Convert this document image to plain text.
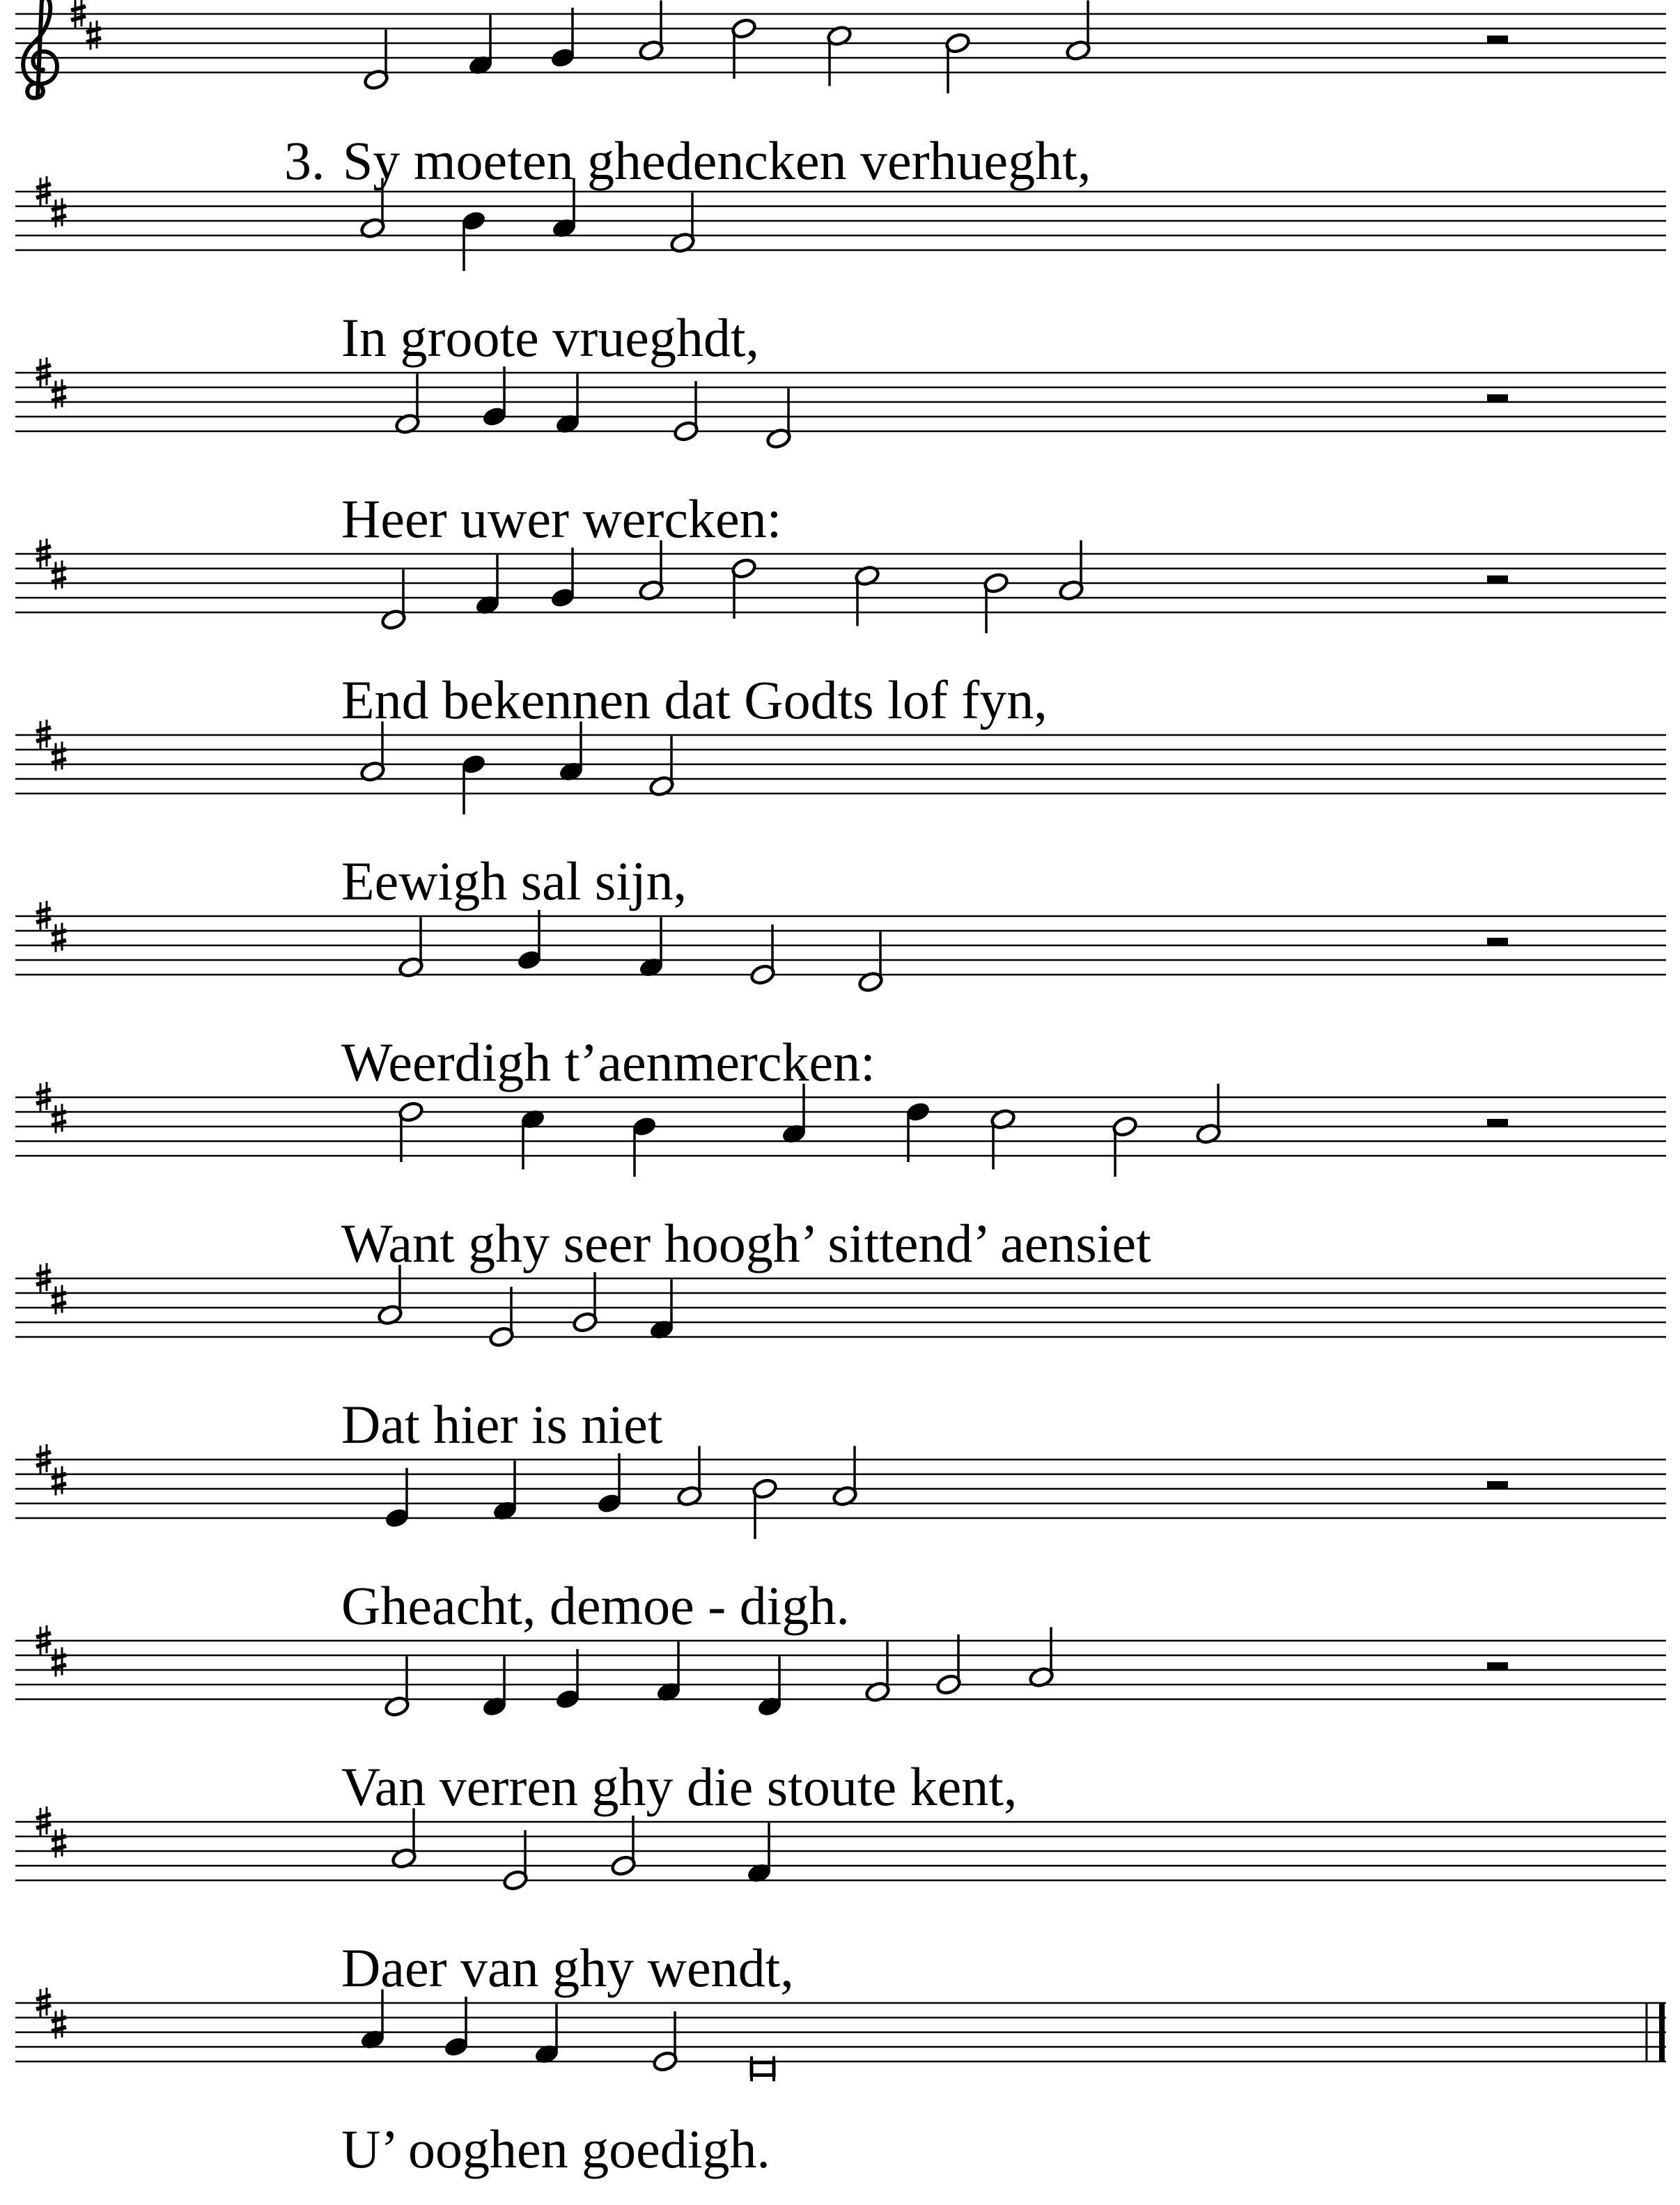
3. Sy moeten ghedencken verhueght,
In groote vrueghdt,
Heer uwer wercken:
End bekennen dat Godts lof fyn,
Eewigh sal sijn,
Weerdigh t’aenmercken:
Want ghy seer hoogh’ sittend’ aensiet
Dat hier is niet
Gheacht, demoe - digh.
Van verren ghy die stoute kent,
Daer van ghy wendt,
U’ ooghen goedigh.
